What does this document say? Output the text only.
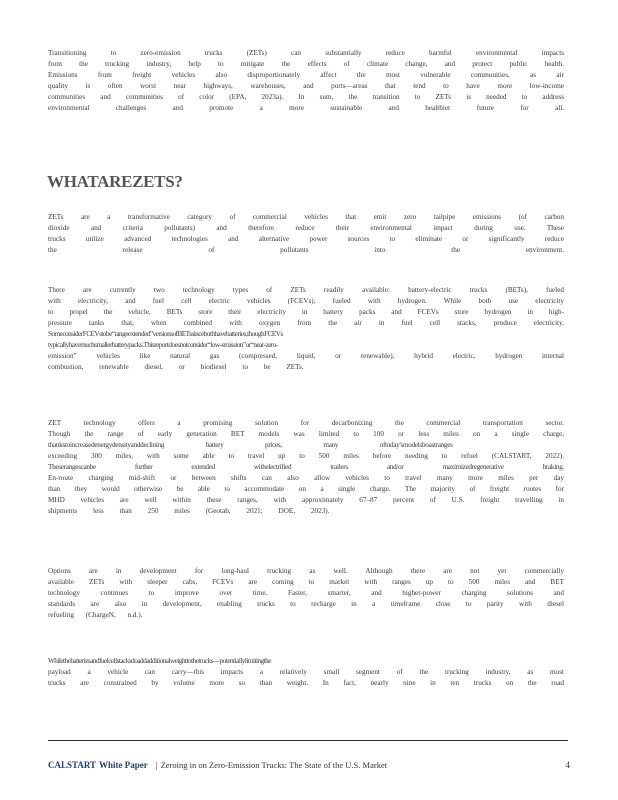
Transitioning to zero-emission trucks (ZETs) can substantially reduce harmful environmental impacts
from the trucking industry, help to mitigate the effects of climate change, and protect public health.
Emissions from freight vehicles also disproportionately affect the most vulnerable communities, as air
quality is often worst near highways, warehouses, and ports—areas that tend to have more low-income
communities and communities of color (EPA, 2023a). In sum, the transition to ZETs is needed to address
environmental challenges and promote a more sustainable and healthier future for all.

WHATAREZETS?

ZETs are a transformative category of commercial vehicles that emit zero tailpipe emissions (of carbon
dioxide and criteria pollutants) and therefore reduce their environmental impact during use. These
trucks utilize advanced technologies and alternative power sources to eliminate or significantly reduce
the release of pollutants into the environment.

There are currently two technology types of ZETs readily available: battery-electric trucks (BETs), fueled
with electricity, and fuel cell electric vehicles (FCEVs), fueled with hydrogen. While both use electricity
to propel the vehicle, BETs store their electricity in battery packs and FCEVs store hydrogen in high-
pressure tanks that, when combined with oxygen from the air in fuel cell stacks, produce electricity.
SomeconsiderFCEVstobe“rangeextended”versionsofBETssincebothhavebatteries,thoughFCEVs
typicallyhavemuchsmallerbatterypacks.Thisreportdoesnotconsider“low-emission”or“near-zero-
emission” vehicles like natural gas (compressed, liquid, or renewable), hybrid electric, hydrogen internal
combustion, renewable diesel, or biodiesel to be ZETs.

ZET technology offers a promising solution for decarbonizing the commercial transportation sector.
Though the range of early generation BET models was limited to 100 or less miles on a single charge,
thankstoincreasedenergydensityanddeclining battery prices, many oftoday'smodelsboastranges
exceeding 300 miles, with some able to travel up to 500 miles before needing to refuel (CALSTART, 2022).
Theserangescanbe further extended withelectrified trailers and/or maximizedregenerative braking.
En-route charging mid-shift or between shifts can also allow vehicles to travel many more miles per day
than they would otherwise be able to accommodate on a single charge. The majority of freight routes for
MHD vehicles are well within these ranges, with approximately 67–87 percent of U.S. freight travelling in
shipments less than 250 miles (Geotab, 2021; DOE, 2023).

Options are in development for long-haul trucking as well. Although there are not yet commercially
available ZETs with sleeper cabs, FCEVs are coming to market with ranges up to 500 miles and BET
technology continues to improve over time. Faster, smarter, and higher-power charging solutions and
standards are also in development, enabling trucks to recharge in a timeframe close to parity with diesel
refueling (ChargeN, n.d.).

Whilethebatteriesandfuelcellstacksdoaddadditionalweighttothetrucks—potentiallylimitingthe
payload a vehicle can carry—this impacts a relatively small segment of the trucking industry, as most
trucks are constrained by volume more so than weight. In fact, nearly nine in ten trucks on the road

CALSTART White Paper | Zeroing in on Zero-Emission Trucks: The State of the U.S. Market	4
